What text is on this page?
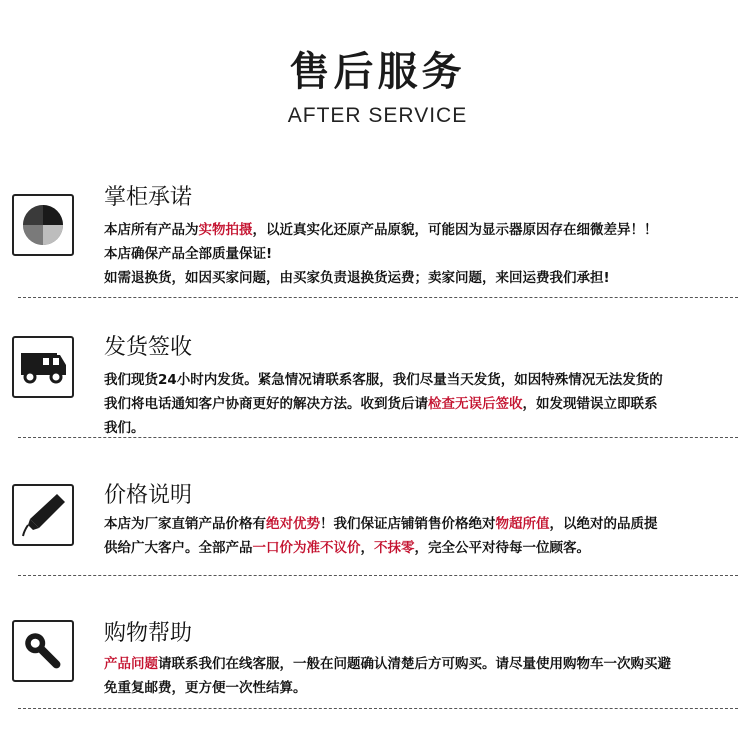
售后服务
AFTER SERVICE
掌柜承诺
本店所有产品为实物拍摄，以近真实化还原产品原貌，可能因为显示器原因存在细微差异！！
本店确保产品全部质量保证!
如需退换货，如因买家问题，由买家负责退换货运费；卖家问题，来回运费我们承担!
发货签收
我们现货24小时内发货。紧急情况请联系客服，我们尽量当天发货，如因特殊情况无法发货的
我们将电话通知客户协商更好的解决方法。收到货后请检查无误后签收，如发现错误立即联系
我们。
价格说明
本店为厂家直销产品价格有绝对优势！我们保证店铺销售价格绝对物超所值，以绝对的品质提
供给广大客户。全部产品一口价为准不议价，不抹零，完全公平对待每一位顾客。
购物帮助
产品问题请联系我们在线客服，一般在问题确认清楚后方可购买。请尽量使用购物车一次购买避
免重复邮费，更方便一次性结算。
